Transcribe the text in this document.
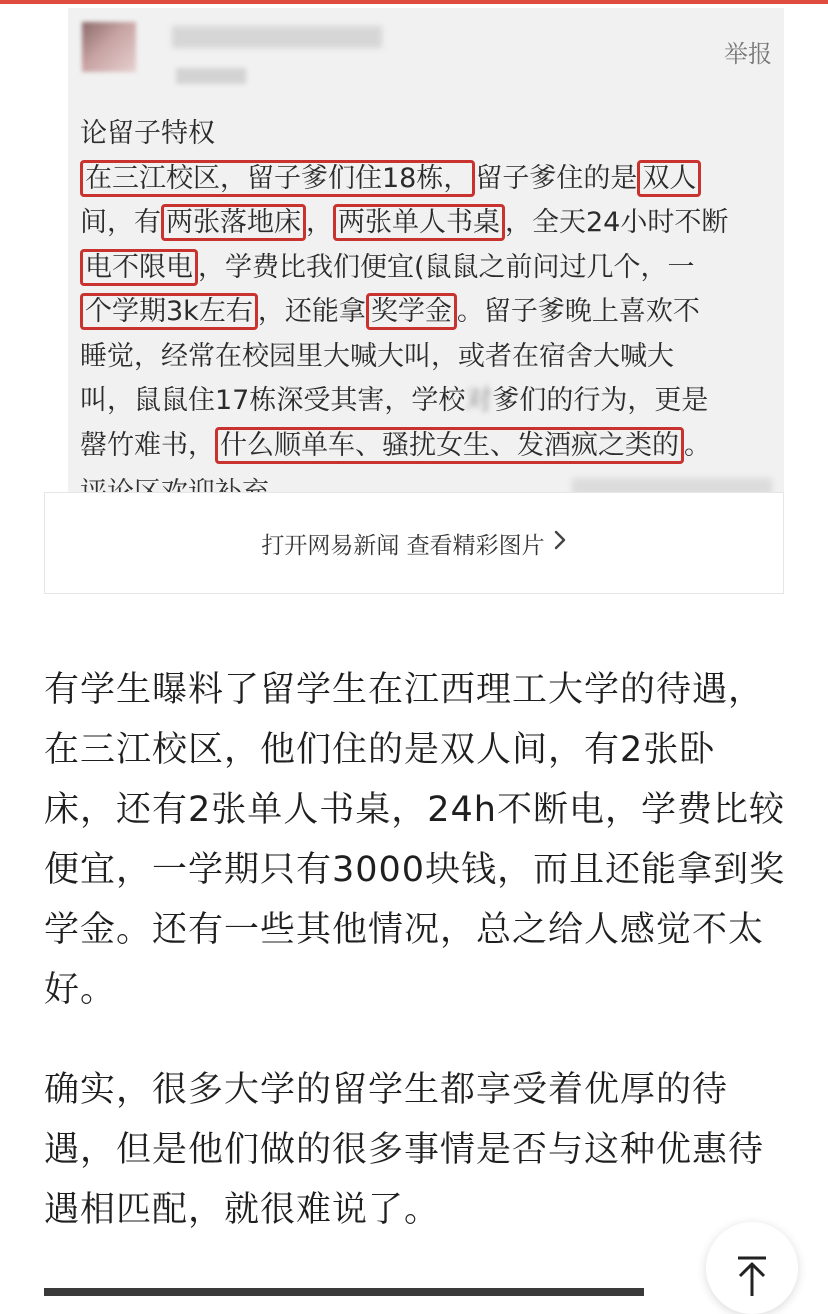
举报
论留子特权
在三江校区，留子爹们住18栋， 留子爹住的是 双人
间，有 两张落地床 ， 两张单人书桌 ，全天24小时不断
电不限电 ，学费比我们便宜(鼠鼠之前问过几个，一
个学期3k左右 ，还能拿 奖学金 。留子爹晚上喜欢不
睡觉，经常在校园里大喊大叫，或者在宿舍大喊大
叫，鼠鼠住17栋深受其害，学校对爹们的行为，更是
罄竹难书， 什么顺单车、骚扰女生、发酒疯之类的 。
打开网易新闻 查看精彩图片

有学生曝料了留学生在江西理工大学的待遇，在三江校区，他们住的是双人间，有2张卧床，还有2张单人书桌，24h不断电，学费比较便宜，一学期只有3000块钱，而且还能拿到奖学金。还有一些其他情况，总之给人感觉不太好。

确实，很多大学的留学生都享受着优厚的待遇，但是他们做的很多事情是否与这种优惠待遇相匹配，就很难说了。
